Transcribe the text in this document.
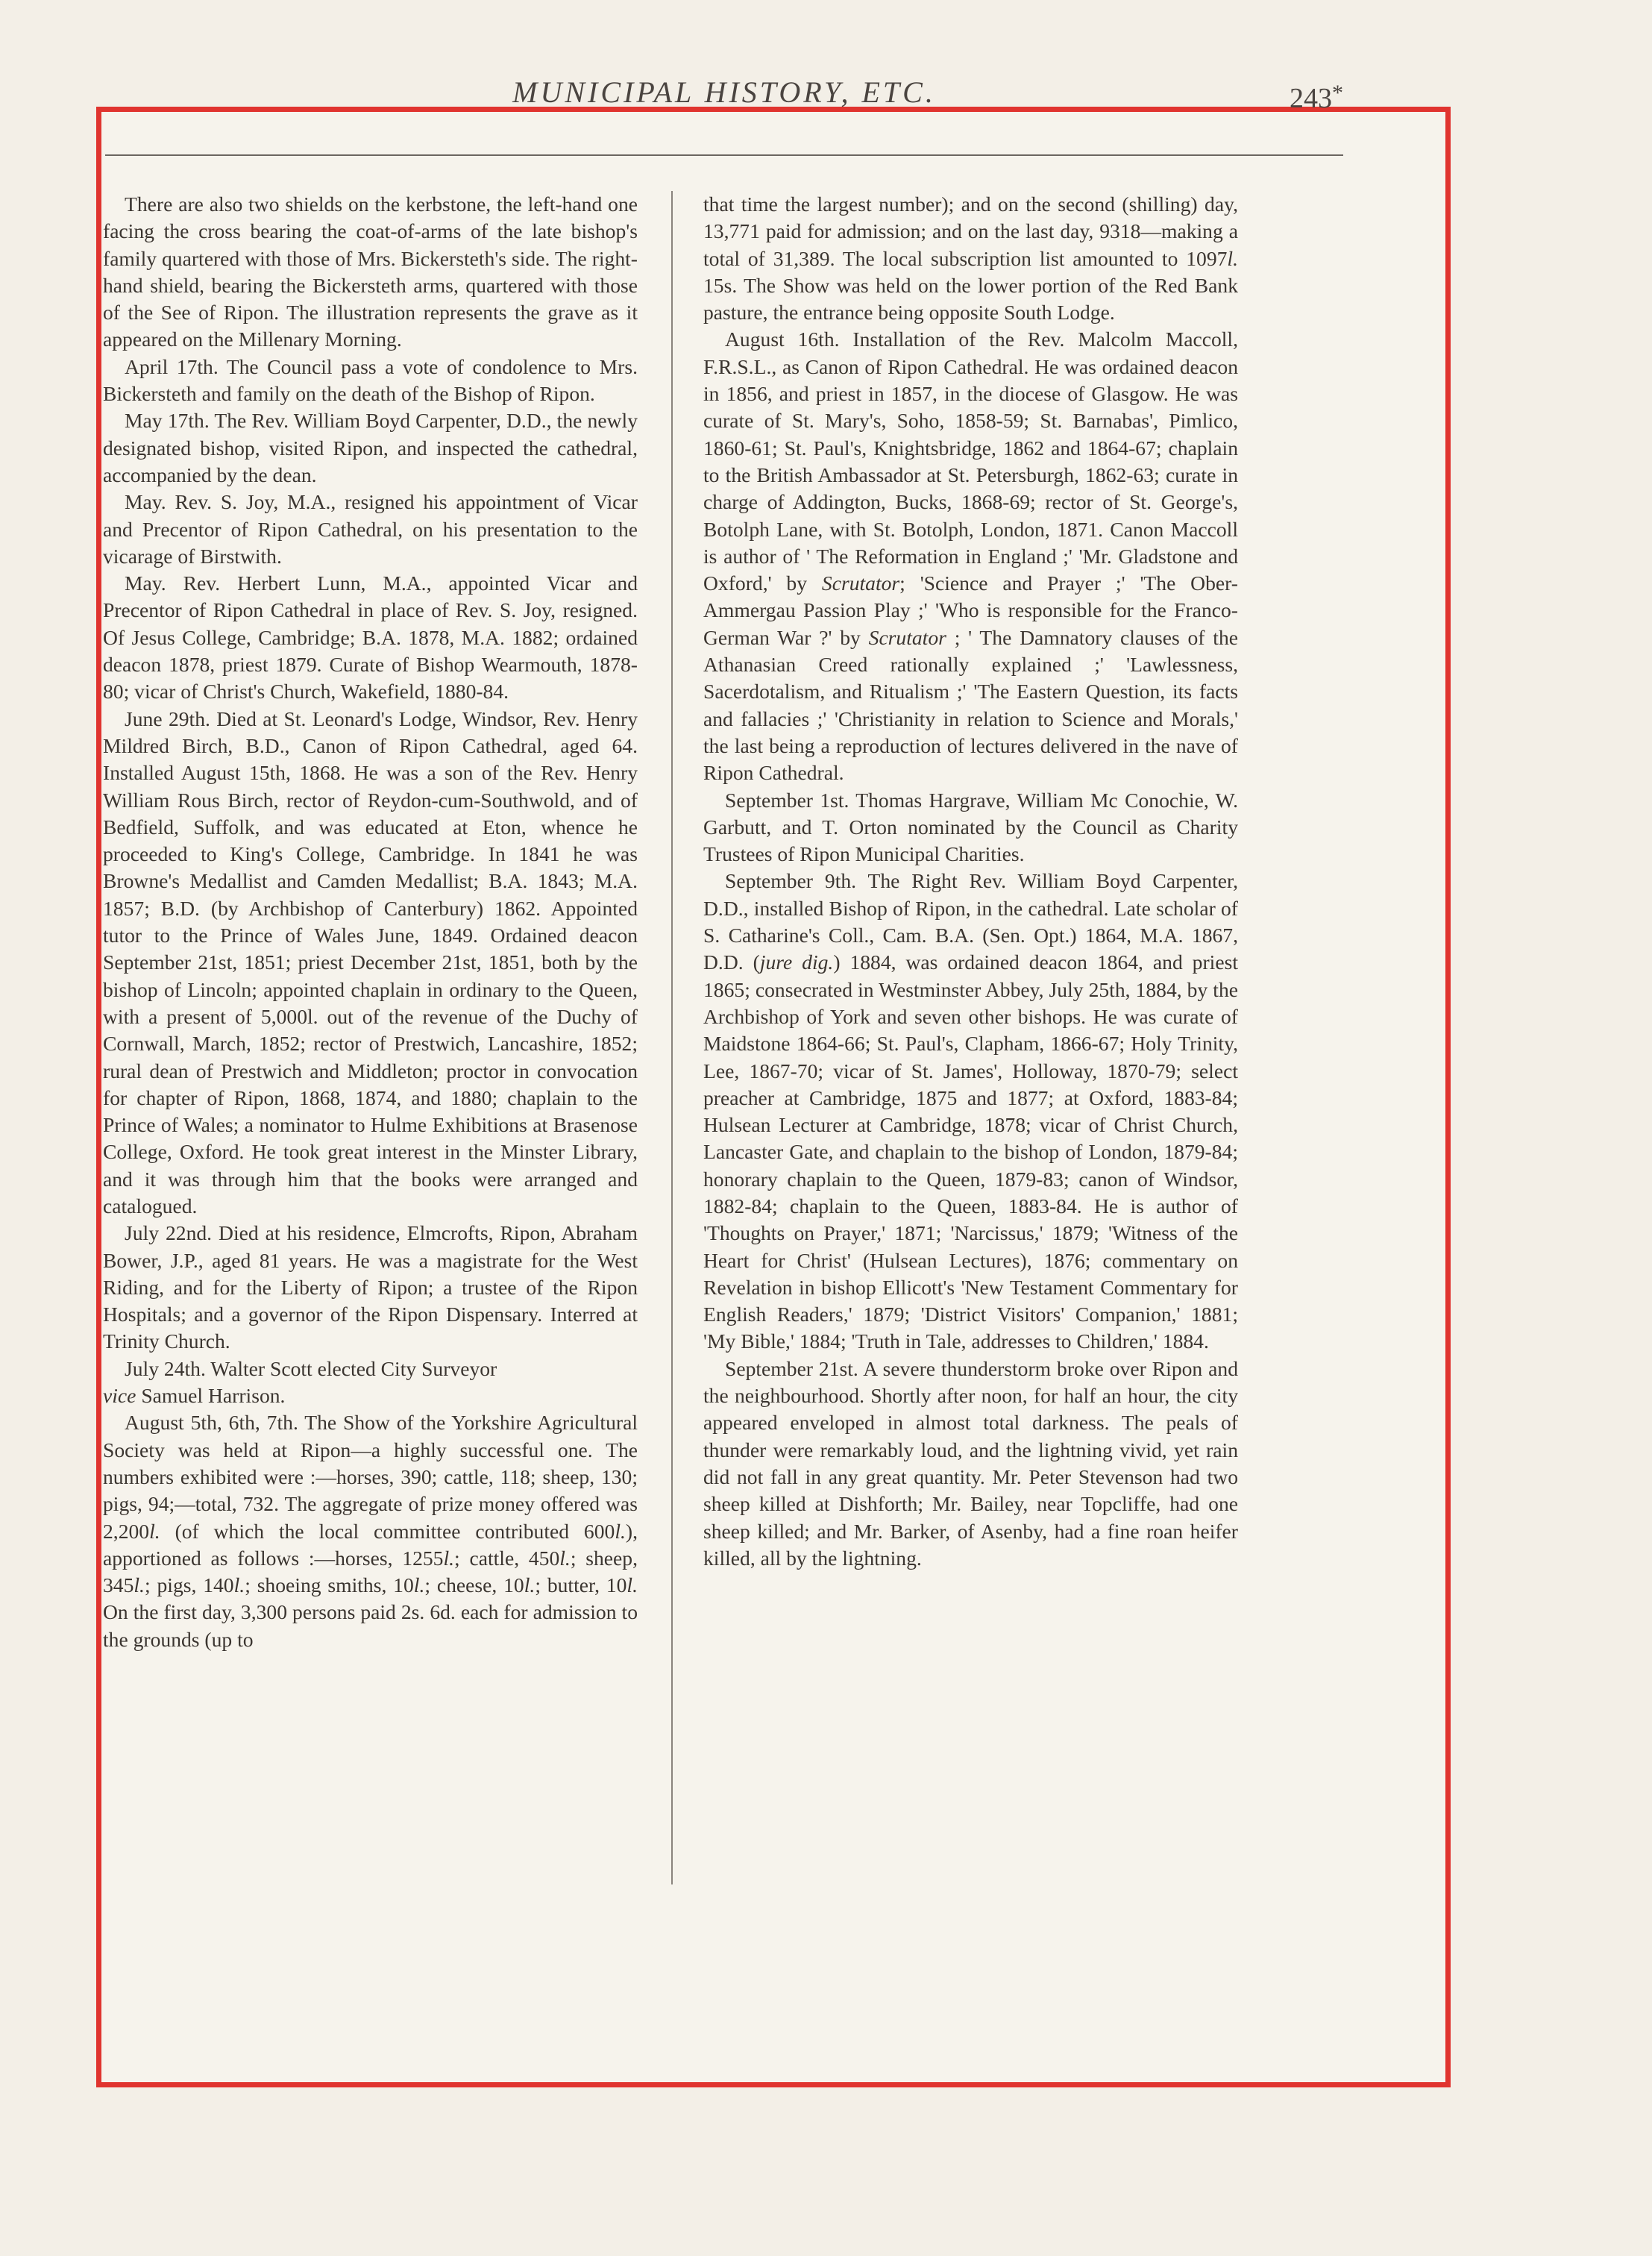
MUNICIPAL HISTORY, ETC.	243*

There are also two shields on the kerbstone, the left-hand one facing the cross bearing the coat-of-arms of the late bishop's family quartered with those of Mrs. Bickersteth's side. The right-hand shield, bearing the Bickersteth arms, quartered with those of the See of Ripon. The illustration represents the grave as it appeared on the Millenary Morning.

April 17th. The Council pass a vote of condolence to Mrs. Bickersteth and family on the death of the Bishop of Ripon.

May 17th. The Rev. William Boyd Carpenter, D.D., the newly designated bishop, visited Ripon, and inspected the cathedral, accompanied by the dean.

May. Rev. S. Joy, M.A., resigned his appointment of Vicar and Precentor of Ripon Cathedral, on his presentation to the vicarage of Birstwith.

May. Rev. Herbert Lunn, M.A., appointed Vicar and Precentor of Ripon Cathedral in place of Rev. S. Joy, resigned. Of Jesus College, Cambridge; B.A. 1878, M.A. 1882; ordained deacon 1878, priest 1879. Curate of Bishop Wearmouth, 1878-80; vicar of Christ's Church, Wakefield, 1880-84.

June 29th. Died at St. Leonard's Lodge, Windsor, Rev. Henry Mildred Birch, B.D., Canon of Ripon Cathedral, aged 64. Installed August 15th, 1868. He was a son of the Rev. Henry William Rous Birch, rector of Reydon-cum-Southwold, and of Bedfield, Suffolk, and was educated at Eton, whence he proceeded to King's College, Cambridge. In 1841 he was Browne's Medallist and Camden Medallist; B.A. 1843; M.A. 1857; B.D. (by Archbishop of Canterbury) 1862. Appointed tutor to the Prince of Wales June, 1849. Ordained deacon September 21st, 1851; priest December 21st, 1851, both by the bishop of Lincoln; appointed chaplain in ordinary to the Queen, with a present of 5,000l. out of the revenue of the Duchy of Cornwall, March, 1852; rector of Prestwich, Lancashire, 1852; rural dean of Prestwich and Middleton; proctor in convocation for chapter of Ripon, 1868, 1874, and 1880; chaplain to the Prince of Wales; a nominator to Hulme Exhibitions at Brasenose College, Oxford. He took great interest in the Minster Library, and it was through him that the books were arranged and catalogued.

July 22nd. Died at his residence, Elmcrofts, Ripon, Abraham Bower, J.P., aged 81 years. He was a magistrate for the West Riding, and for the Liberty of Ripon; a trustee of the Ripon Hospitals; and a governor of the Ripon Dispensary. Interred at Trinity Church.

July 24th. Walter Scott elected City Surveyor
vice Samuel Harrison.

August 5th, 6th, 7th. The Show of the Yorkshire Agricultural Society was held at Ripon—a highly successful one. The numbers exhibited were :—horses, 390; cattle, 118; sheep, 130; pigs, 94;—total, 732. The aggregate of prize money offered was 2,200l. (of which the local committee contributed 600l.), apportioned as follows :—horses, 1255l.; cattle, 450l.; sheep, 345l.; pigs, 140l.; shoeing smiths, 10l.; cheese, 10l.; butter, 10l. On the first day, 3,300 persons paid 2s. 6d. each for admission to the grounds (up to

that time the largest number); and on the second (shilling) day, 13,771 paid for admission; and on the last day, 9318—making a total of 31,389. The local subscription list amounted to 1097l. 15s. The Show was held on the lower portion of the Red Bank pasture, the entrance being opposite South Lodge.

August 16th. Installation of the Rev. Malcolm Maccoll, F.R.S.L., as Canon of Ripon Cathedral. He was ordained deacon in 1856, and priest in 1857, in the diocese of Glasgow. He was curate of St. Mary's, Soho, 1858-59; St. Barnabas', Pimlico, 1860-61; St. Paul's, Knightsbridge, 1862 and 1864-67; chaplain to the British Ambassador at St. Petersburgh, 1862-63; curate in charge of Addington, Bucks, 1868-69; rector of St. George's, Botolph Lane, with St. Botolph, London, 1871. Canon Maccoll is author of ' The Reformation in England ;' 'Mr. Gladstone and Oxford,' by Scrutator; 'Science and Prayer ;' 'The Ober-Ammergau Passion Play ;' 'Who is responsible for the Franco-German War ?' by Scrutator ; ' The Damnatory clauses of the Athanasian Creed rationally explained ;' 'Lawlessness, Sacerdotalism, and Ritualism ;' 'The Eastern Question, its facts and fallacies ;' 'Christianity in relation to Science and Morals,' the last being a reproduction of lectures delivered in the nave of Ripon Cathedral.

September 1st. Thomas Hargrave, William Mc Conochie, W. Garbutt, and T. Orton nominated by the Council as Charity Trustees of Ripon Municipal Charities.

September 9th. The Right Rev. William Boyd Carpenter, D.D., installed Bishop of Ripon, in the cathedral. Late scholar of S. Catharine's Coll., Cam. B.A. (Sen. Opt.) 1864, M.A. 1867, D.D. (jure dig.) 1884, was ordained deacon 1864, and priest 1865; consecrated in Westminster Abbey, July 25th, 1884, by the Archbishop of York and seven other bishops. He was curate of Maidstone 1864-66; St. Paul's, Clapham, 1866-67; Holy Trinity, Lee, 1867-70; vicar of St. James', Holloway, 1870-79; select preacher at Cambridge, 1875 and 1877; at Oxford, 1883-84; Hulsean Lecturer at Cambridge, 1878; vicar of Christ Church, Lancaster Gate, and chaplain to the bishop of London, 1879-84; honorary chaplain to the Queen, 1879-83; canon of Windsor, 1882-84; chaplain to the Queen, 1883-84. He is author of 'Thoughts on Prayer,' 1871; 'Narcissus,' 1879; 'Witness of the Heart for Christ' (Hulsean Lectures), 1876; commentary on Revelation in bishop Ellicott's 'New Testament Commentary for English Readers,' 1879; 'District Visitors' Companion,' 1881; 'My Bible,' 1884; 'Truth in Tale, addresses to Children,' 1884.

September 21st. A severe thunderstorm broke over Ripon and the neighbourhood. Shortly after noon, for half an hour, the city appeared enveloped in almost total darkness. The peals of thunder were remarkably loud, and the lightning vivid, yet rain did not fall in any great quantity. Mr. Peter Stevenson had two sheep killed at Dishforth; Mr. Bailey, near Topcliffe, had one sheep killed; and Mr. Barker, of Asenby, had a fine roan heifer killed, all by the lightning.
